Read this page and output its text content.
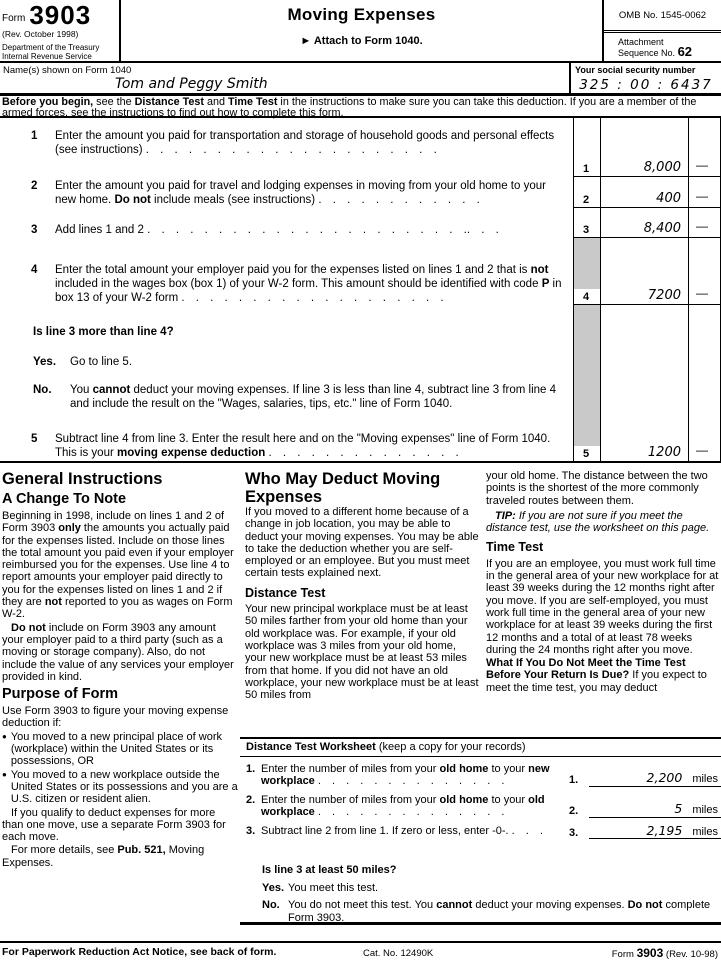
Form 3903
(Rev. October 1998)
Department of the Treasury
Internal Revenue Service
Moving Expenses
► Attach to Form 1040.
OMB No. 1545-0062
Attachment
Sequence No. 62
Name(s) shown on Form 1040
Tom and Peggy Smith
Your social security number
325 : 00 : 6437
Before you begin, see the Distance Test and Time Test in the instructions to make sure you can take this deduction. If you are a member of the armed forces, see the instructions to find out how to complete this form.
1 Enter the amount you paid for transportation and storage of household goods and personal effects (see instructions) . . . . . . . . . . . . . . . . . . . . .
2 Enter the amount you paid for travel and lodging expenses in moving from your old home to your new home. Do not include meals (see instructions) . . . . . . . . . . . .
3 Add lines 1 and 2 . . . . . . . . . . . . . . . . . . . . . . .. . .
4 Enter the total amount your employer paid you for the expenses listed on lines 1 and 2 that is not included in the wages box (box 1) of your W-2 form. This amount should be identified with code P in box 13 of your W-2 form . . . . . . . . . . . . . . . . . . .
Is line 3 more than line 4?
Yes. Go to line 5.
No. You cannot deduct your moving expenses. If line 3 is less than line 4, subtract line 3 from line 4 and include the result on the "Wages, salaries, tips, etc." line of Form 1040.
5 Subtract line 4 from line 3. Enter the result here and on the "Moving expenses" line of Form 1040. This is your moving expense deduction . . . . . . . . . . . . . .
1	8,000 —
2	400 —
3	8,400 —
4	7200 —
5	1200 —
General Instructions
A Change To Note

Beginning in 1998, include on lines 1 and 2 of Form 3903 only the amounts you actually paid for the expenses listed. Include on those lines the total amount you paid even if your employer reimbursed you for the expenses. Use line 4 to report amounts your employer paid directly to you for the expenses listed on lines 1 and 2 if they are not reported to you as wages on Form W-2.

Do not include on Form 3903 any amount your employer paid to a third party (such as a moving or storage company). Also, do not include the value of any services your employer provided in kind.

Purpose of Form

Use Form 3903 to figure your moving expense deduction if:

● You moved to a new principal place of work (workplace) within the United States or its possessions, OR

● You moved to a new workplace outside the United States or its possessions and you are a U.S. citizen or resident alien.

If you qualify to deduct expenses for more than one move, use a separate Form 3903 for each move.

For more details, see Pub. 521, Moving Expenses.

Who May Deduct Moving Expenses

If you moved to a different home because of a change in job location, you may be able to deduct your moving expenses. You may be able to take the deduction whether you are self-employed or an employee. But you must meet certain tests explained next.

Distance Test

Your new principal workplace must be at least 50 miles farther from your old home than your old workplace was. For example, if your old workplace was 3 miles from your old home, your new workplace must be at least 53 miles from that home. If you did not have an old workplace, your new workplace must be at least 50 miles from

your old home. The distance between the two points is the shortest of the more commonly traveled routes between them.

TIP: If you are not sure if you meet the distance test, use the worksheet on this page.

Time Test

If you are an employee, you must work full time in the general area of your new workplace for at least 39 weeks during the 12 months right after you move. If you are self-employed, you must work full time in the general area of your new workplace for at least 39 weeks during the first 12 months and a total of at least 78 weeks during the 24 months right after you move.

What If You Do Not Meet the Time Test Before Your Return Is Due? If you expect to meet the time test, you may deduct

Distance Test Worksheet (keep a copy for your records)
1. Enter the number of miles from your old home to your new workplace . . . . . . . . . . . . . .	1.	2,200 miles
2. Enter the number of miles from your old home to your old workplace . . . . . . . . . . . . . .	2.	5 miles
3. Subtract line 2 from line 1. If zero or less, enter -0-. . . .	3.	2,195 miles
Is line 3 at least 50 miles?
Yes. You meet this test.
No. You do not meet this test. You cannot deduct your moving expenses. Do not complete Form 3903.
For Paperwork Reduction Act Notice, see back of form.	Cat. No. 12490K	Form 3903 (Rev. 10-98)
